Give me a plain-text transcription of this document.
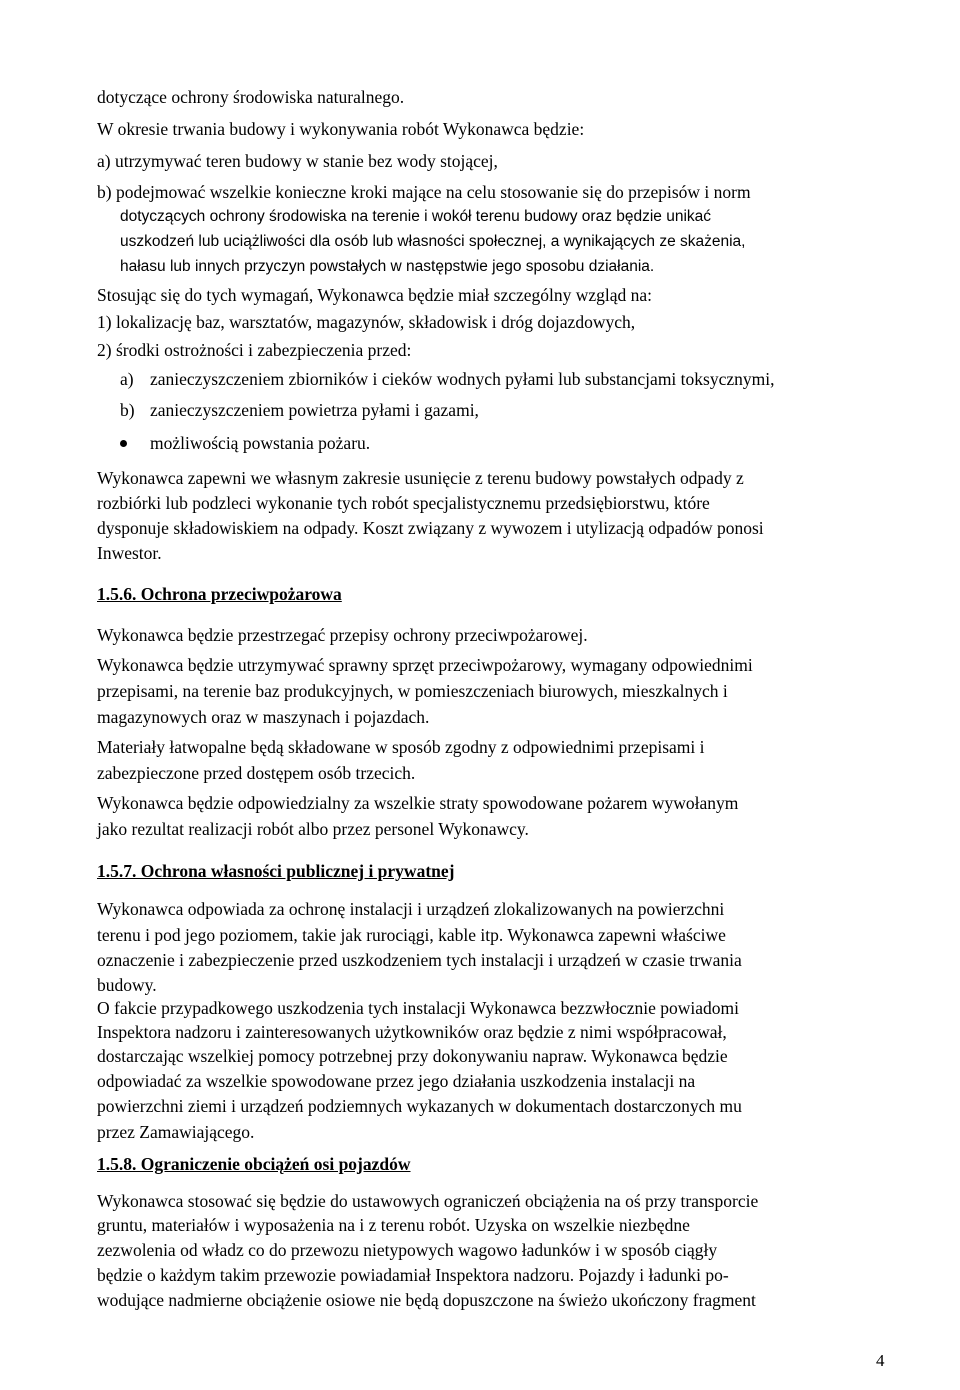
dotyczące ochrony środowiska naturalnego.
W okresie trwania budowy i wykonywania robót Wykonawca będzie:
a) utrzymywać teren budowy w stanie bez wody stojącej,
b) podejmować wszelkie konieczne kroki mające na celu stosowanie się do przepisów i norm
dotyczących ochrony środowiska na terenie i wokół terenu budowy oraz będzie unikać
uszkodzeń lub uciążliwości dla osób lub własności społecznej, a wynikających ze skażenia,
hałasu lub innych przyczyn powstałych w następstwie jego sposobu działania.
Stosując się do tych wymagań, Wykonawca będzie miał szczególny wzgląd na:
1) lokalizację baz, warsztatów, magazynów, składowisk i dróg dojazdowych,
2) środki ostrożności i zabezpieczenia przed:
a) zanieczyszczeniem zbiorników i cieków wodnych pyłami lub substancjami toksycznymi,
b) zanieczyszczeniem powietrza pyłami i gazami,
możliwością powstania pożaru.
Wykonawca zapewni we własnym zakresie usunięcie z terenu budowy powstałych odpady z
rozbiórki lub podzleci wykonanie tych robót specjalistycznemu przedsiębiorstwu, które
dysponuje składowiskiem na odpady. Koszt związany z wywozem i utylizacją odpadów ponosi
Inwestor.
1.5.6. Ochrona przeciwpożarowa
Wykonawca będzie przestrzegać przepisy ochrony przeciwpożarowej.
Wykonawca będzie utrzymywać sprawny sprzęt przeciwpożarowy, wymagany odpowiednimi
przepisami, na terenie baz produkcyjnych, w pomieszczeniach biurowych, mieszkalnych i
magazynowych oraz w maszynach i pojazdach.
Materiały łatwopalne będą składowane w sposób zgodny z odpowiednimi przepisami i
zabezpieczone przed dostępem osób trzecich.
Wykonawca będzie odpowiedzialny za wszelkie straty spowodowane pożarem wywołanym
jako rezultat realizacji robót albo przez personel Wykonawcy.
1.5.7. Ochrona własności publicznej i prywatnej
Wykonawca odpowiada za ochronę instalacji i urządzeń zlokalizowanych na powierzchni
terenu i pod jego poziomem, takie jak rurociągi, kable itp. Wykonawca zapewni właściwe
oznaczenie i zabezpieczenie przed uszkodzeniem tych instalacji i urządzeń w czasie trwania
budowy.
O fakcie przypadkowego uszkodzenia tych instalacji Wykonawca bezzwłocznie powiadomi
Inspektora nadzoru i zainteresowanych użytkowników oraz będzie z nimi współpracował,
dostarczając wszelkiej pomocy potrzebnej przy dokonywaniu napraw. Wykonawca będzie
odpowiadać za wszelkie spowodowane przez jego działania uszkodzenia instalacji na
powierzchni ziemi i urządzeń podziemnych wykazanych w dokumentach dostarczonych mu
przez Zamawiającego.
1.5.8. Ograniczenie obciążeń osi pojazdów
Wykonawca stosować się będzie do ustawowych ograniczeń obciążenia na oś przy transporcie
gruntu, materiałów i wyposażenia na i z terenu robót. Uzyska on wszelkie niezbędne
zezwolenia od władz co do przewozu nietypowych wagowo ładunków i w sposób ciągły
będzie o każdym takim przewozie powiadamiał Inspektora nadzoru. Pojazdy i ładunki po-
wodujące nadmierne obciążenie osiowe nie będą dopuszczone na świeżo ukończony fragment
4
